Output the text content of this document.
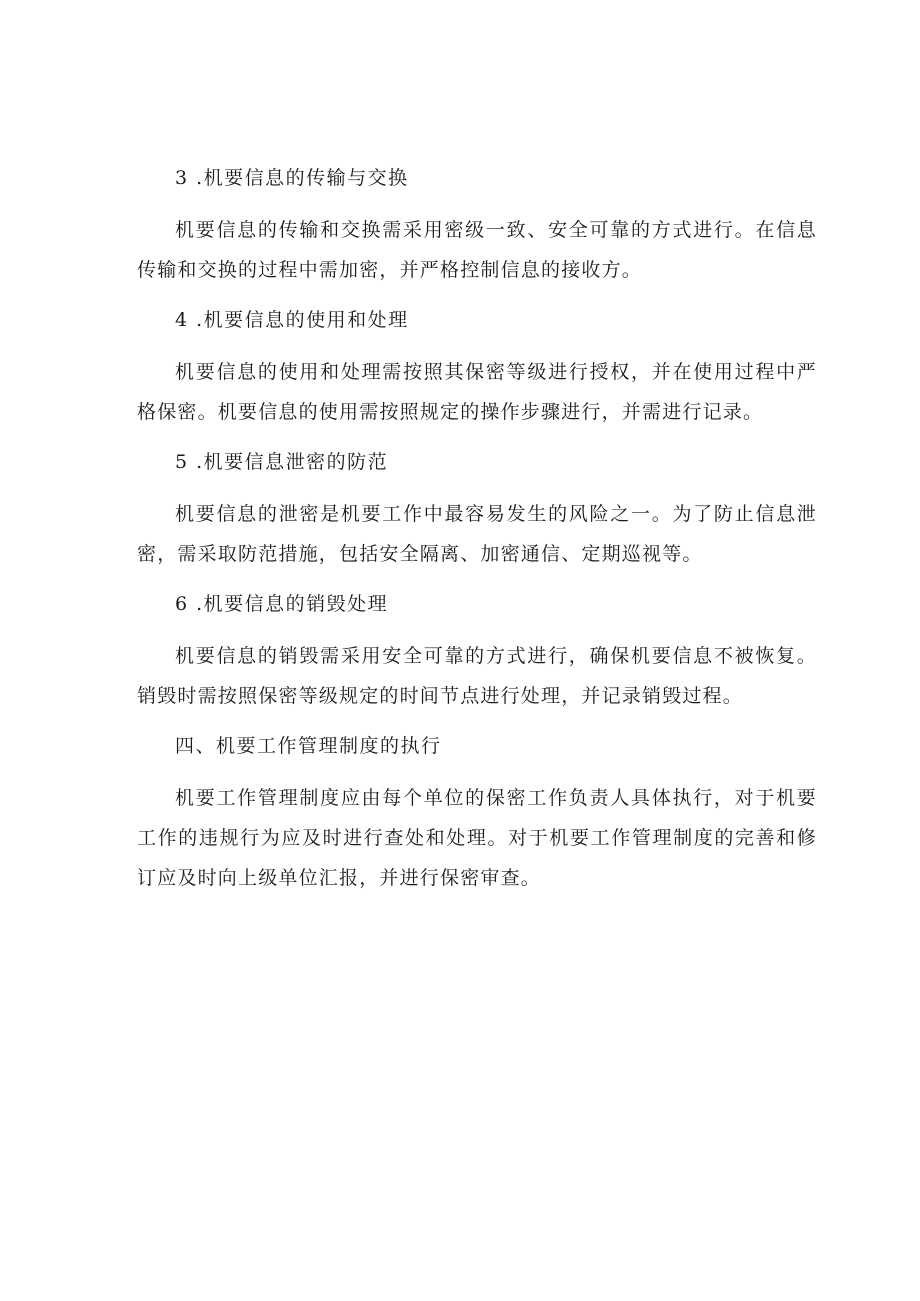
3 .机要信息的传输与交换

机要信息的传输和交换需采用密级一致、安全可靠的方式进行。在信息传输和交换的过程中需加密，并严格控制信息的接收方。

4 .机要信息的使用和处理

机要信息的使用和处理需按照其保密等级进行授权，并在使用过程中严格保密。机要信息的使用需按照规定的操作步骤进行，并需进行记录。

5 .机要信息泄密的防范

机要信息的泄密是机要工作中最容易发生的风险之一。为了防止信息泄密，需采取防范措施，包括安全隔离、加密通信、定期巡视等。

6 .机要信息的销毁处理

机要信息的销毁需采用安全可靠的方式进行，确保机要信息不被恢复。销毁时需按照保密等级规定的时间节点进行处理，并记录销毁过程。

四、机要工作管理制度的执行

机要工作管理制度应由每个单位的保密工作负责人具体执行，对于机要工作的违规行为应及时进行查处和处理。对于机要工作管理制度的完善和修订应及时向上级单位汇报，并进行保密审查。
